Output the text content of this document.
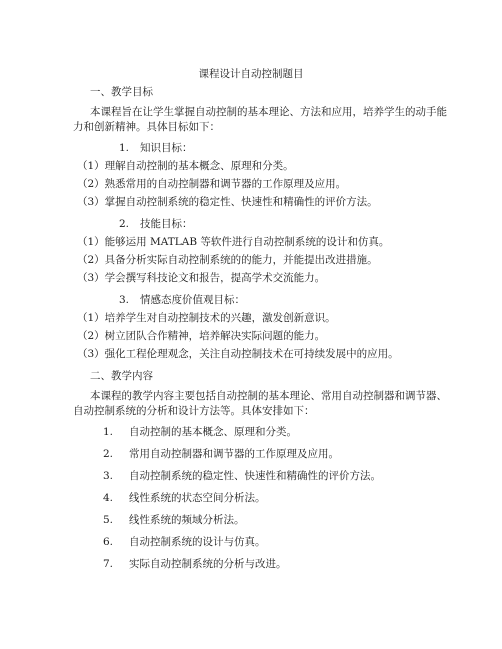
课程设计自动控制题目
一、教学目标
本课程旨在让学生掌握自动控制的基本理论、方法和应用，培养学生的动手能
力和创新精神。具体目标如下：
1. 知识目标：
（1）理解自动控制的基本概念、原理和分类。
（2）熟悉常用的自动控制器和调节器的工作原理及应用。
（3）掌握自动控制系统的稳定性、快速性和精确性的评价方法。
2. 技能目标：
（1）能够运用 MATLAB 等软件进行自动控制系统的设计和仿真。
（2）具备分析实际自动控制系统的的能力，并能提出改进措施。
（3）学会撰写科技论文和报告，提高学术交流能力。
3. 情感态度价值观目标：
（1）培养学生对自动控制技术的兴趣，激发创新意识。
（2）树立团队合作精神，培养解决实际问题的能力。
（3）强化工程伦理观念，关注自动控制技术在可持续发展中的应用。
二、教学内容
本课程的教学内容主要包括自动控制的基本理论、常用自动控制器和调节器、
自动控制系统的分析和设计方法等。具体安排如下：
1. 自动控制的基本概念、原理和分类。
2. 常用自动控制器和调节器的工作原理及应用。
3. 自动控制系统的稳定性、快速性和精确性的评价方法。
4. 线性系统的状态空间分析法。
5. 线性系统的频域分析法。
6. 自动控制系统的设计与仿真。
7. 实际自动控制系统的分析与改进。
